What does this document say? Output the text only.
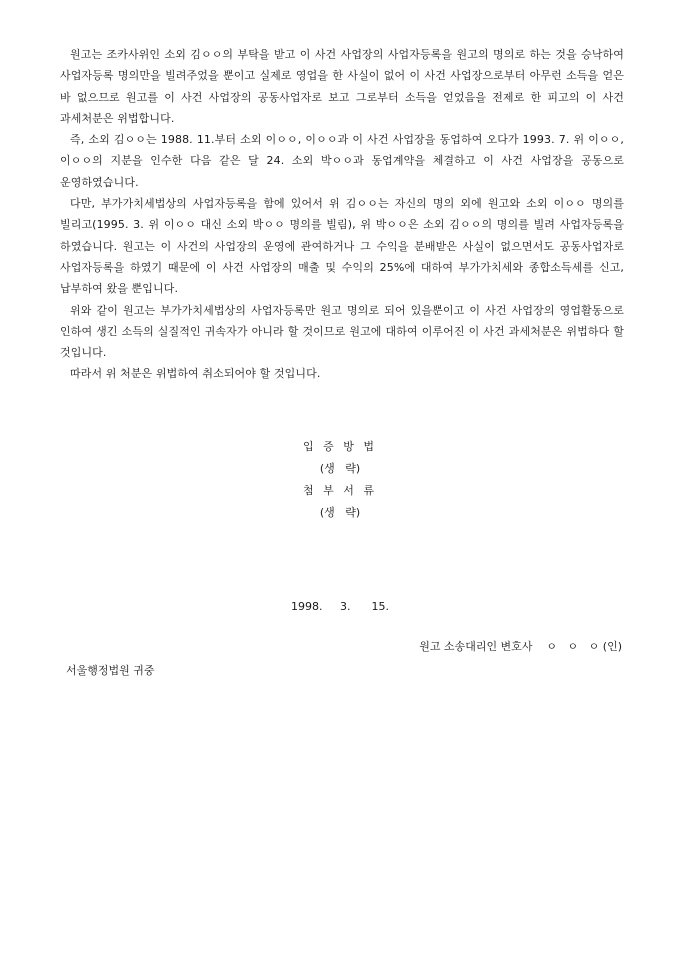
원고는 조카사위인 소외 김ㅇㅇ의 부탁을 받고 이 사건 사업장의 사업자등록을 원고의 명의로 하는 것을 승낙하여 사업자등록 명의만을 빌려주었을 뿐이고 실제로 영업을 한 사실이 없어 이 사건 사업장으로부터 아무런 소득을 얻은 바 없으므로 원고를 이 사건 사업장의 공동사업자로 보고 그로부터 소득을 얻었음을 전제로 한 피고의 이 사건 과세처분은 위법합니다.

즉, 소외 김ㅇㅇ는 1988. 11.부터 소외 이ㅇㅇ, 이ㅇㅇ과 이 사건 사업장을 동업하여 오다가 1993. 7. 위 이ㅇㅇ, 이ㅇㅇ의 지분을 인수한 다음 같은 달 24. 소외 박ㅇㅇ과 동업계약을 체결하고 이 사건 사업장을 공동으로 운영하였습니다.

다만, 부가가치세법상의 사업자등록을 함에 있어서 위 김ㅇㅇ는 자신의 명의 외에 원고와 소외 이ㅇㅇ 명의를 빌리고(1995. 3. 위 이ㅇㅇ 대신 소외 박ㅇㅇ 명의를 빌림), 위 박ㅇㅇ은 소외 김ㅇㅇ의 명의를 빌려 사업자등록을 하였습니다. 원고는 이 사건의 사업장의 운영에 관여하거나 그 수익을 분배받은 사실이 없으면서도 공동사업자로 사업자등록을 하였기 때문에 이 사건 사업장의 매출 및 수익의 25%에 대하여 부가가치세와 종합소득세를 신고, 납부하여 왔을 뿐입니다.

위와 같이 원고는 부가가치세법상의 사업자등록만 원고 명의로 되어 있을뿐이고 이 사건 사업장의 영업활동으로 인하여 생긴 소득의 실질적인 귀속자가 아니라 할 것이므로 원고에 대하여 이루어진 이 사건 과세처분은 위법하다 할 것입니다.

따라서 위 처분은 위법하여 취소되어야 할 것입니다.

입 증 방 법
(생   략)
첨 부 서 류
(생   략)
1998.     3.      15.
원고 소송대리인 변호사    ㅇ   ㅇ   ㅇ (인)
서울행정법원 귀중
